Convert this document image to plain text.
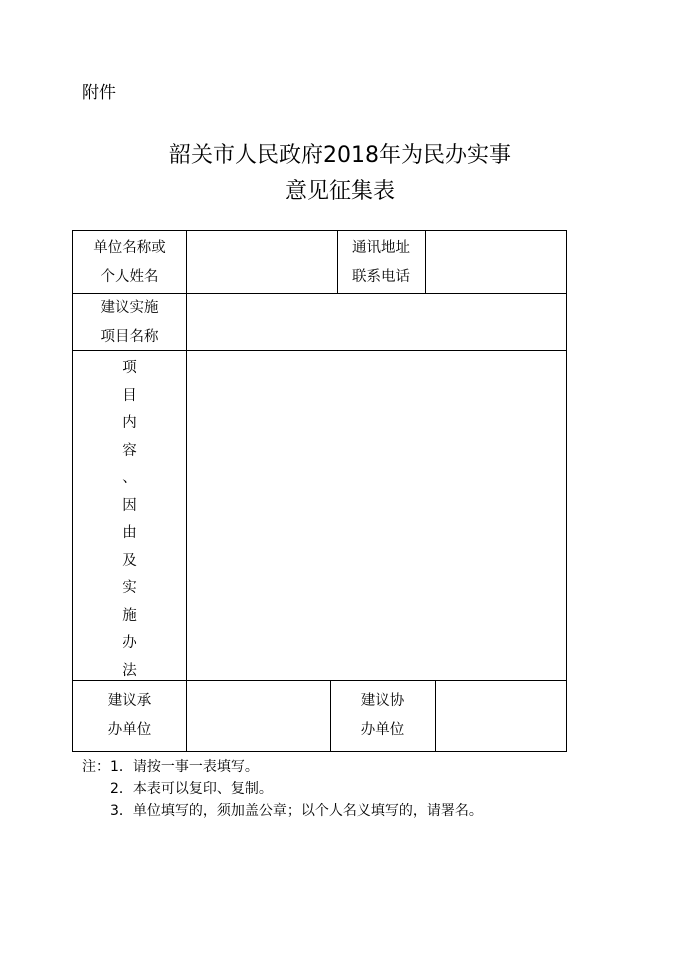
附件
韶关市人民政府2018年为民办实事
意见征集表
单位名称或
个人姓名
通讯地址
联系电话
建议实施
项目名称
项
目
内
容
、
因
由
及
实
施
办
法
建议承
办单位
建议协
办单位
注：1．请按一事一表填写。
2．本表可以复印、复制。
3．单位填写的，须加盖公章；以个人名义填写的，请署名。
